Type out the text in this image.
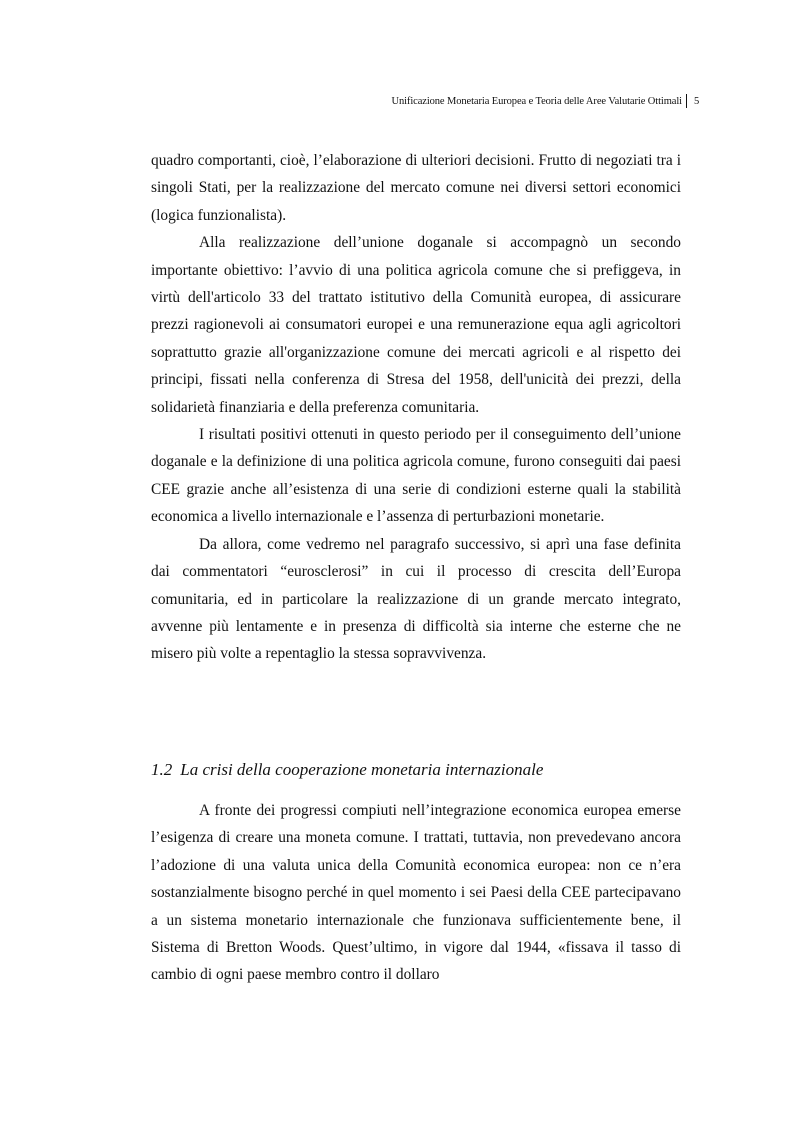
Unificazione Monetaria Europea e Teoria delle Aree Valutarie Ottimali 5

quadro comportanti, cioè, l’elaborazione di ulteriori decisioni. Frutto di negoziati tra i singoli Stati, per la realizzazione del mercato comune nei diversi settori economici (logica funzionalista).

Alla realizzazione dell’unione doganale si accompagnò un secondo importante obiettivo: l’avvio di una politica agricola comune che si prefiggeva, in virtù dell'articolo 33 del trattato istitutivo della Comunità europea, di assicurare prezzi ragionevoli ai consumatori europei e una remunerazione equa agli agricoltori soprattutto grazie all'organizzazione comune dei mercati agricoli e al rispetto dei principi, fissati nella conferenza di Stresa del 1958, dell'unicità dei prezzi, della solidarietà finanziaria e della preferenza comunitaria.

I risultati positivi ottenuti in questo periodo per il conseguimento dell’unione doganale e la definizione di una politica agricola comune, furono conseguiti dai paesi CEE grazie anche all’esistenza di una serie di condizioni esterne quali la stabilità economica a livello internazionale e l’assenza di perturbazioni monetarie.

Da allora, come vedremo nel paragrafo successivo, si aprì una fase definita dai commentatori “eurosclerosi” in cui il processo di crescita dell’Europa comunitaria, ed in particolare la realizzazione di un grande mercato integrato, avvenne più lentamente e in presenza di difficoltà sia interne che esterne che ne misero più volte a repentaglio la stessa sopravvivenza.

1.2 La crisi della cooperazione monetaria internazionale

A fronte dei progressi compiuti nell’integrazione economica europea emerse l’esigenza di creare una moneta comune. I trattati, tuttavia, non prevedevano ancora l’adozione di una valuta unica della Comunità economica europea: non ce n’era sostanzialmente bisogno perché in quel momento i sei Paesi della CEE partecipavano a un sistema monetario internazionale che funzionava sufficientemente bene, il Sistema di Bretton Woods. Quest’ultimo, in vigore dal 1944, «fissava il tasso di cambio di ogni paese membro contro il dollaro
